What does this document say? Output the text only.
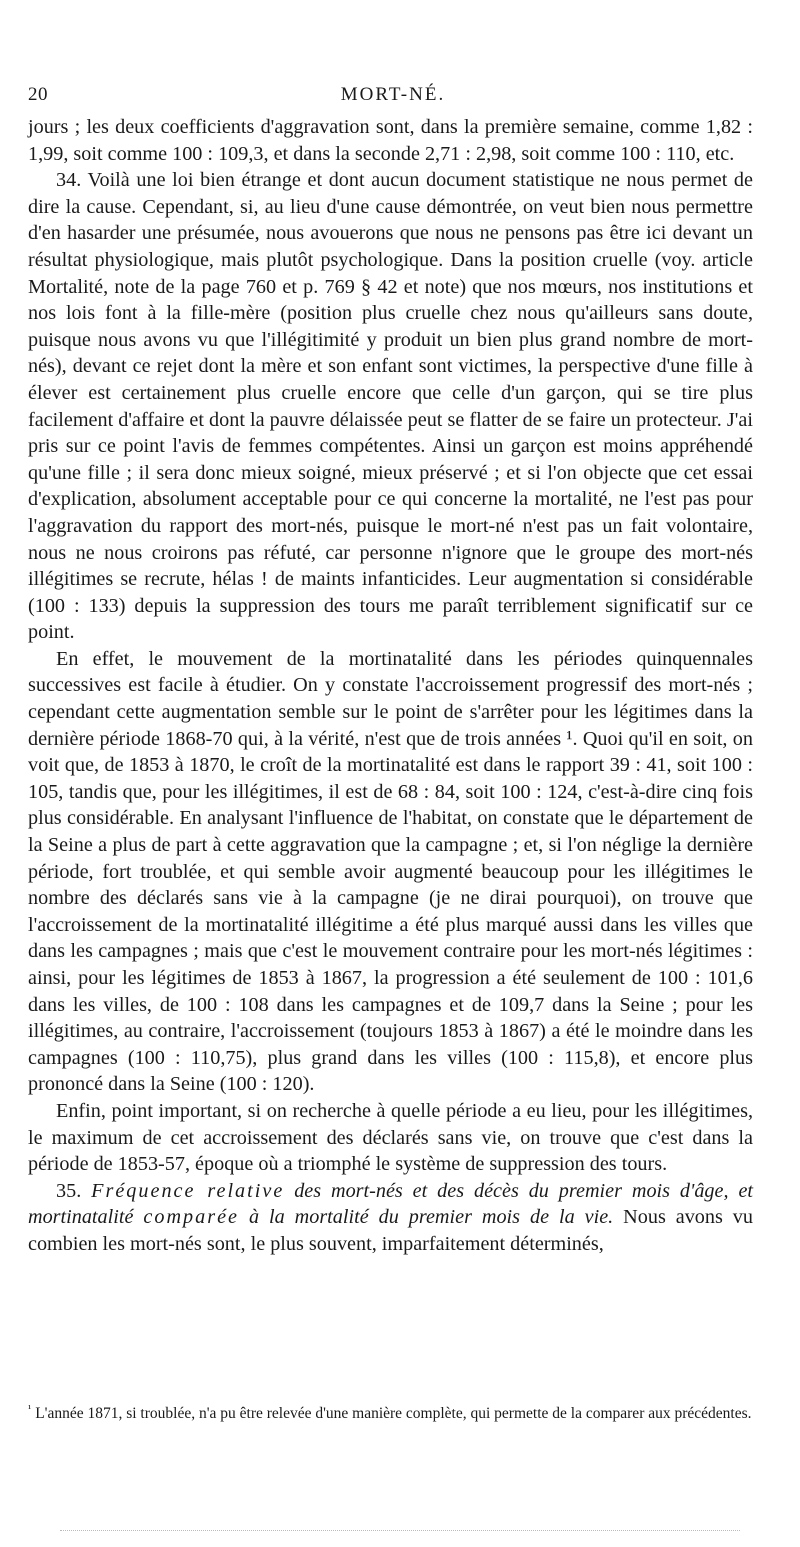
20	MORT-NÉ.

jours ; les deux coefficients d'aggravation sont, dans la première semaine, comme 1,82 : 1,99, soit comme 100 : 109,3, et dans la seconde 2,71 : 2,98, soit comme 100 : 110, etc.

34. Voilà une loi bien étrange et dont aucun document statistique ne nous permet de dire la cause. Cependant, si, au lieu d'une cause démontrée, on veut bien nous permettre d'en hasarder une présumée, nous avouerons que nous ne pensons pas être ici devant un résultat physiologique, mais plutôt psychologique. Dans la position cruelle (voy. article Mortalité, note de la page 760 et p. 769 § 42 et note) que nos mœurs, nos institutions et nos lois font à la fille-mère (position plus cruelle chez nous qu'ailleurs sans doute, puisque nous avons vu que l'illégitimité y produit un bien plus grand nombre de mort-nés), devant ce rejet dont la mère et son enfant sont victimes, la perspective d'une fille à élever est certainement plus cruelle encore que celle d'un garçon, qui se tire plus facilement d'affaire et dont la pauvre délaissée peut se flatter de se faire un protecteur. J'ai pris sur ce point l'avis de femmes compétentes. Ainsi un garçon est moins appréhendé qu'une fille ; il sera donc mieux soigné, mieux préservé ; et si l'on objecte que cet essai d'explication, absolument acceptable pour ce qui concerne la mortalité, ne l'est pas pour l'aggravation du rapport des mort-nés, puisque le mort-né n'est pas un fait volontaire, nous ne nous croirons pas réfuté, car personne n'ignore que le groupe des mort-nés illégitimes se recrute, hélas ! de maints infanticides. Leur augmentation si considérable (100 : 133) depuis la suppression des tours me paraît terriblement significatif sur ce point.

En effet, le mouvement de la mortinatalité dans les périodes quinquennales successives est facile à étudier. On y constate l'accroissement progressif des mort-nés ; cependant cette augmentation semble sur le point de s'arrêter pour les légitimes dans la dernière période 1868-70 qui, à la vérité, n'est que de trois années ¹. Quoi qu'il en soit, on voit que, de 1853 à 1870, le croît de la mortinatalité est dans le rapport 39 : 41, soit 100 : 105, tandis que, pour les illégitimes, il est de 68 : 84, soit 100 : 124, c'est-à-dire cinq fois plus considérable. En analysant l'influence de l'habitat, on constate que le département de la Seine a plus de part à cette aggravation que la campagne ; et, si l'on néglige la dernière période, fort troublée, et qui semble avoir augmenté beaucoup pour les illégitimes le nombre des déclarés sans vie à la campagne (je ne dirai pourquoi), on trouve que l'accroissement de la mortinatalité illégitime a été plus marqué aussi dans les villes que dans les campagnes ; mais que c'est le mouvement contraire pour les mort-nés légitimes : ainsi, pour les légitimes de 1853 à 1867, la progression a été seulement de 100 : 101,6 dans les villes, de 100 : 108 dans les campagnes et de 109,7 dans la Seine ; pour les illégitimes, au contraire, l'accroissement (toujours 1853 à 1867) a été le moindre dans les campagnes (100 : 110,75), plus grand dans les villes (100 : 115,8), et encore plus prononcé dans la Seine (100 : 120).

Enfin, point important, si on recherche à quelle période a eu lieu, pour les illégitimes, le maximum de cet accroissement des déclarés sans vie, on trouve que c'est dans la période de 1853-57, époque où a triomphé le système de suppression des tours.

35. Fréquence relative des mort-nés et des décès du premier mois d'âge, et mortinatalité comparée à la mortalité du premier mois de la vie. Nous avons vu combien les mort-nés sont, le plus souvent, imparfaitement déterminés,

$^{^1}$ L'année 1871, si troublée, n'a pu être relevée d'une manière complète, qui permette de la comparer aux précédentes.
